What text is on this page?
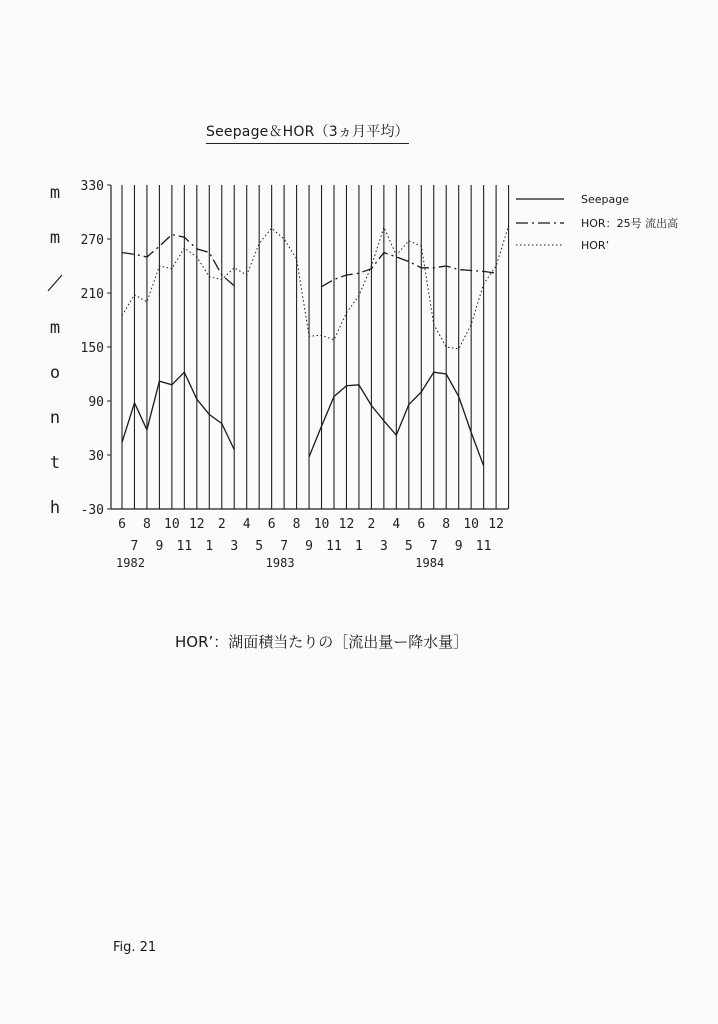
Seepage＆HOR（3ヵ月平均）
-30
30
90
150
210
270
330
m
m
m
o
n
t
h
6 8 10 12 2 4 6 8 10 12 2 4 6 8 10 12
7 9 11 1 3 5 7 9 11 1 3 5 7 9 11
1982	1983	1984
Seepage
HOR：25号 流出高
HOR’
HOR’：湖面積当たりの［流出量ー降水量］
Fig. 21
